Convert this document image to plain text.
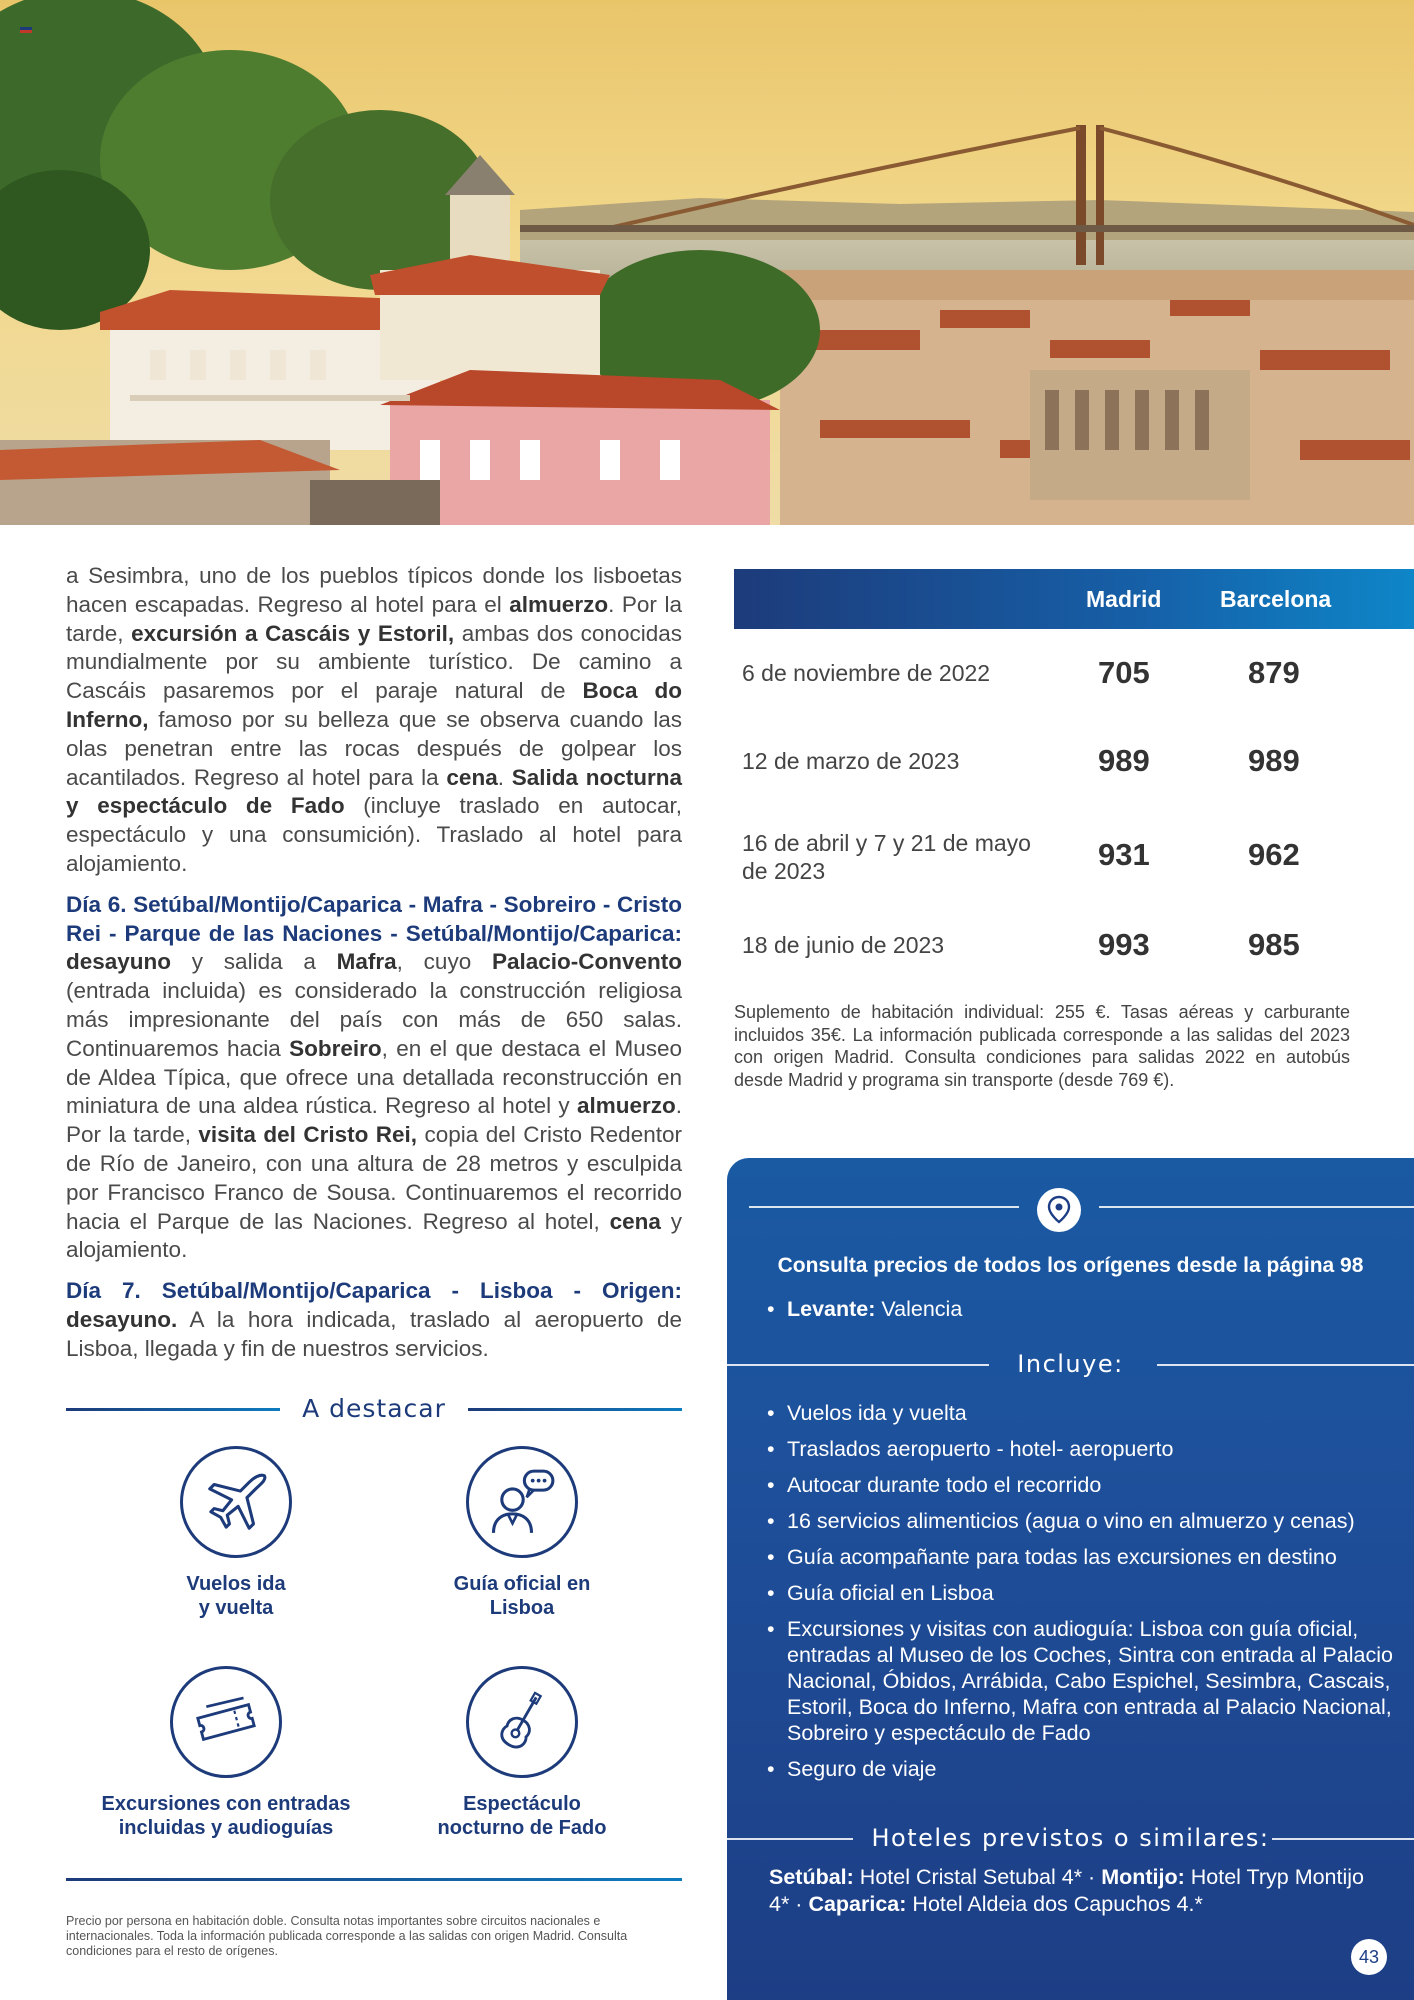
a Sesimbra, uno de los pueblos típicos donde los lisboetas hacen escapadas. Regreso al hotel para el almuerzo. Por la tarde, excursión a Cascáis y Estoril, ambas dos conocidas mundialmente por su ambiente turístico. De camino a Cascáis pasaremos por el paraje natural de Boca do Inferno, famoso por su belleza que se observa cuando las olas penetran entre las rocas después de golpear los acantilados. Regreso al hotel para la cena. Salida nocturna y espectáculo de Fado (incluye traslado en autocar, espectáculo y una consumición). Traslado al hotel para alojamiento.

Día 6. Setúbal/Montijo/Caparica - Mafra - Sobreiro - Cristo Rei - Parque de las Naciones - Setúbal/Montijo/Caparica: desayuno y salida a Mafra, cuyo Palacio-Convento (entrada incluida) es considerado la construcción religiosa más impresionante del país con más de 650 salas. Continuaremos hacia Sobreiro, en el que destaca el Museo de Aldea Típica, que ofrece una detallada reconstrucción en miniatura de una aldea rústica. Regreso al hotel y almuerzo. Por la tarde, visita del Cristo Rei, copia del Cristo Redentor de Río de Janeiro, con una altura de 28 metros y esculpida por Francisco Franco de Sousa. Continuaremos el recorrido hacia el Parque de las Naciones. Regreso al hotel, cena y alojamiento.

Día 7. Setúbal/Montijo/Caparica - Lisboa - Origen: desayuno. A la hora indicada, traslado al aeropuerto de Lisboa, llegada y fin de nuestros servicios.

A destacar
Vuelos ida
y vuelta
Guía oficial en
Lisboa
Excursiones con entradas
incluidas y audioguías
Espectáculo
nocturno de Fado
Precio por persona en habitación doble. Consulta notas importantes sobre circuitos nacionales e internacionales. Toda la información publicada corresponde a las salidas con origen Madrid. Consulta condiciones para el resto de orígenes.
Madrid	Barcelona
6 de noviembre de 2022	705	879
12 de marzo de 2023	989	989
16 de abril y 7 y 21 de mayo de 2023	931	962
18 de junio de 2023	993	985

Suplemento de habitación individual: 255 €. Tasas aéreas y carburante incluidos 35€. La información publicada corresponde a las salidas del 2023 con origen Madrid. Consulta condiciones para salidas 2022 en autobús desde Madrid y programa sin transporte (desde 769 €).

Consulta precios de todos los orígenes desde la página 98
• Levante: Valencia
Incluye:
• Vuelos ida y vuelta
• Traslados aeropuerto - hotel- aeropuerto
• Autocar durante todo el recorrido
• 16 servicios alimenticios (agua o vino en almuerzo y cenas)
• Guía acompañante para todas las excursiones en destino
• Guía oficial en Lisboa
• Excursiones y visitas con audioguía: Lisboa con guía oficial, entradas al Museo de los Coches, Sintra con entrada al Palacio Nacional, Óbidos, Arrábida, Cabo Espichel, Sesimbra, Cascais, Estoril, Boca do Inferno, Mafra con entrada al Palacio Nacional, Sobreiro y espectáculo de Fado
• Seguro de viaje
Hoteles previstos o similares:
Setúbal: Hotel Cristal Setubal 4* · Montijo: Hotel Tryp Montijo 4* · Caparica: Hotel Aldeia dos Capuchos 4.*
43
